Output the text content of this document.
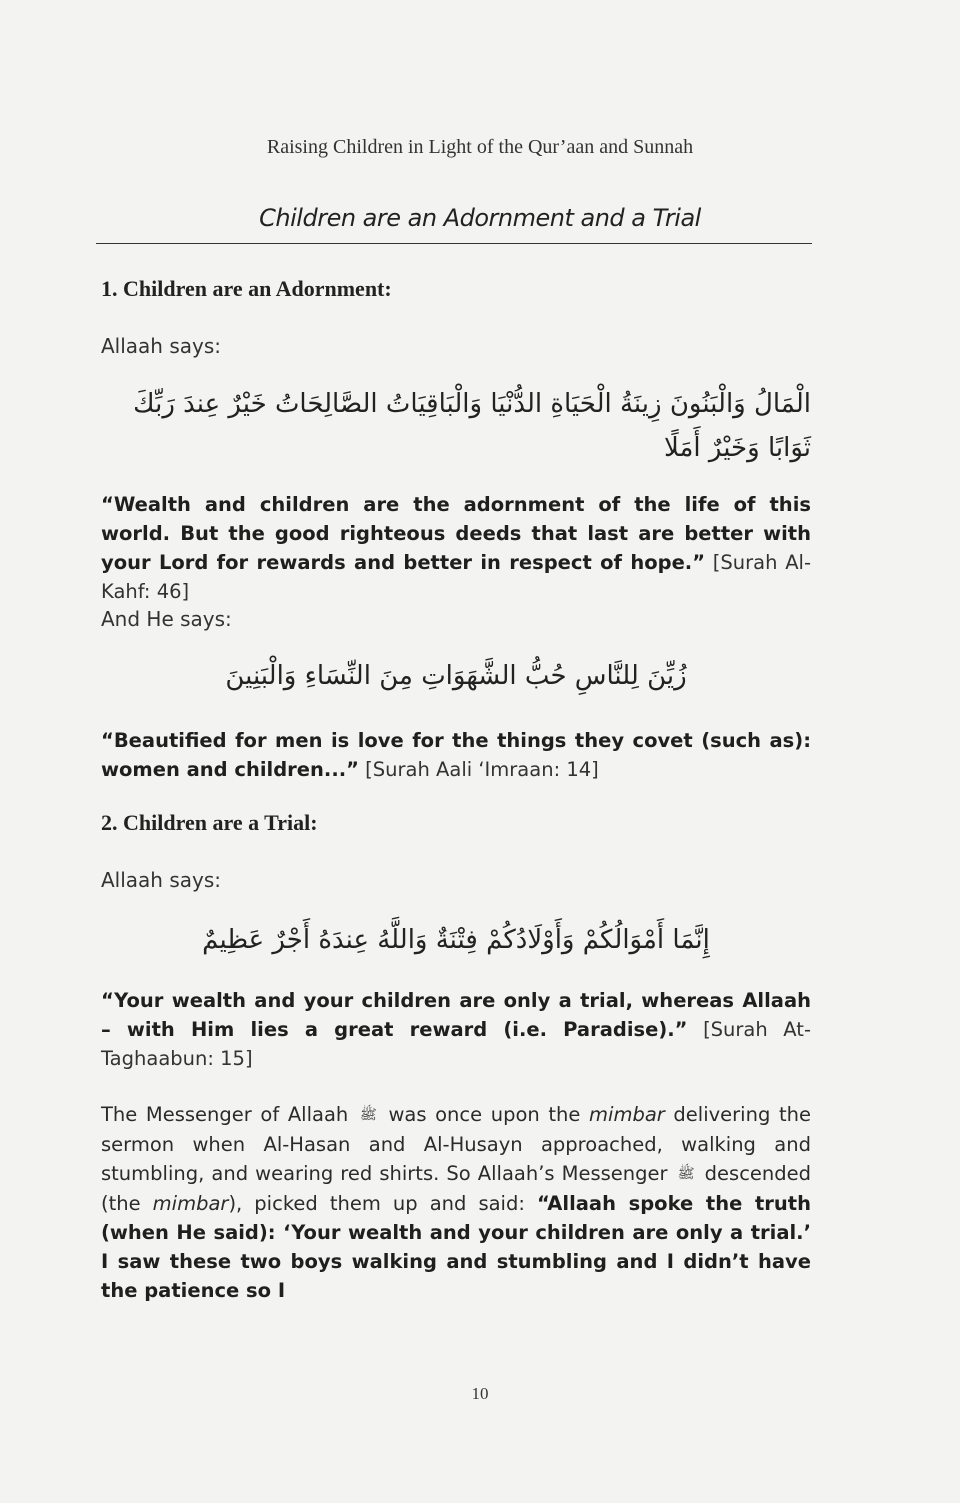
Raising Children in Light of the Qur’aan and Sunnah
Children are an Adornment and a Trial
1. Children are an Adornment:
Allaah says:
الْمَالُ وَالْبَنُونَ زِينَةُ الْحَيَاةِ الدُّنْيَا وَالْبَاقِيَاتُ الصَّالِحَاتُ خَيْرٌ عِندَ رَبِّكَ
ثَوَابًا وَخَيْرٌ أَمَلًا
“Wealth and children are the adornment of the life of this world. But the good righteous deeds that last are better with your Lord for rewards and better in respect of hope.” [Surah Al-Kahf: 46]
And He says:
زُيِّنَ لِلنَّاسِ حُبُّ الشَّهَوَاتِ مِنَ النِّسَاءِ وَالْبَنِينَ
“Beautified for men is love for the things they covet (such as): women and children...” [Surah Aali ‘Imraan: 14]
2. Children are a Trial:
Allaah says:
إِنَّمَا أَمْوَالُكُمْ وَأَوْلَادُكُمْ فِتْنَةٌ وَاللَّهُ عِندَهُ أَجْرٌ عَظِيمٌ
“Your wealth and your children are only a trial, whereas Allaah – with Him lies a great reward (i.e. Paradise).” [Surah At-Taghaabun: 15]
The Messenger of Allaah ﷺ was once upon the mimbar delivering the sermon when Al-Hasan and Al-Husayn approached, walking and stumbling, and wearing red shirts. So Allaah’s Messenger ﷺ descended (the mimbar), picked them up and said: “Allaah spoke the truth (when He said): ‘Your wealth and your children are only a trial.’ I saw these two boys walking and stumbling and I didn’t have the patience so I
10
